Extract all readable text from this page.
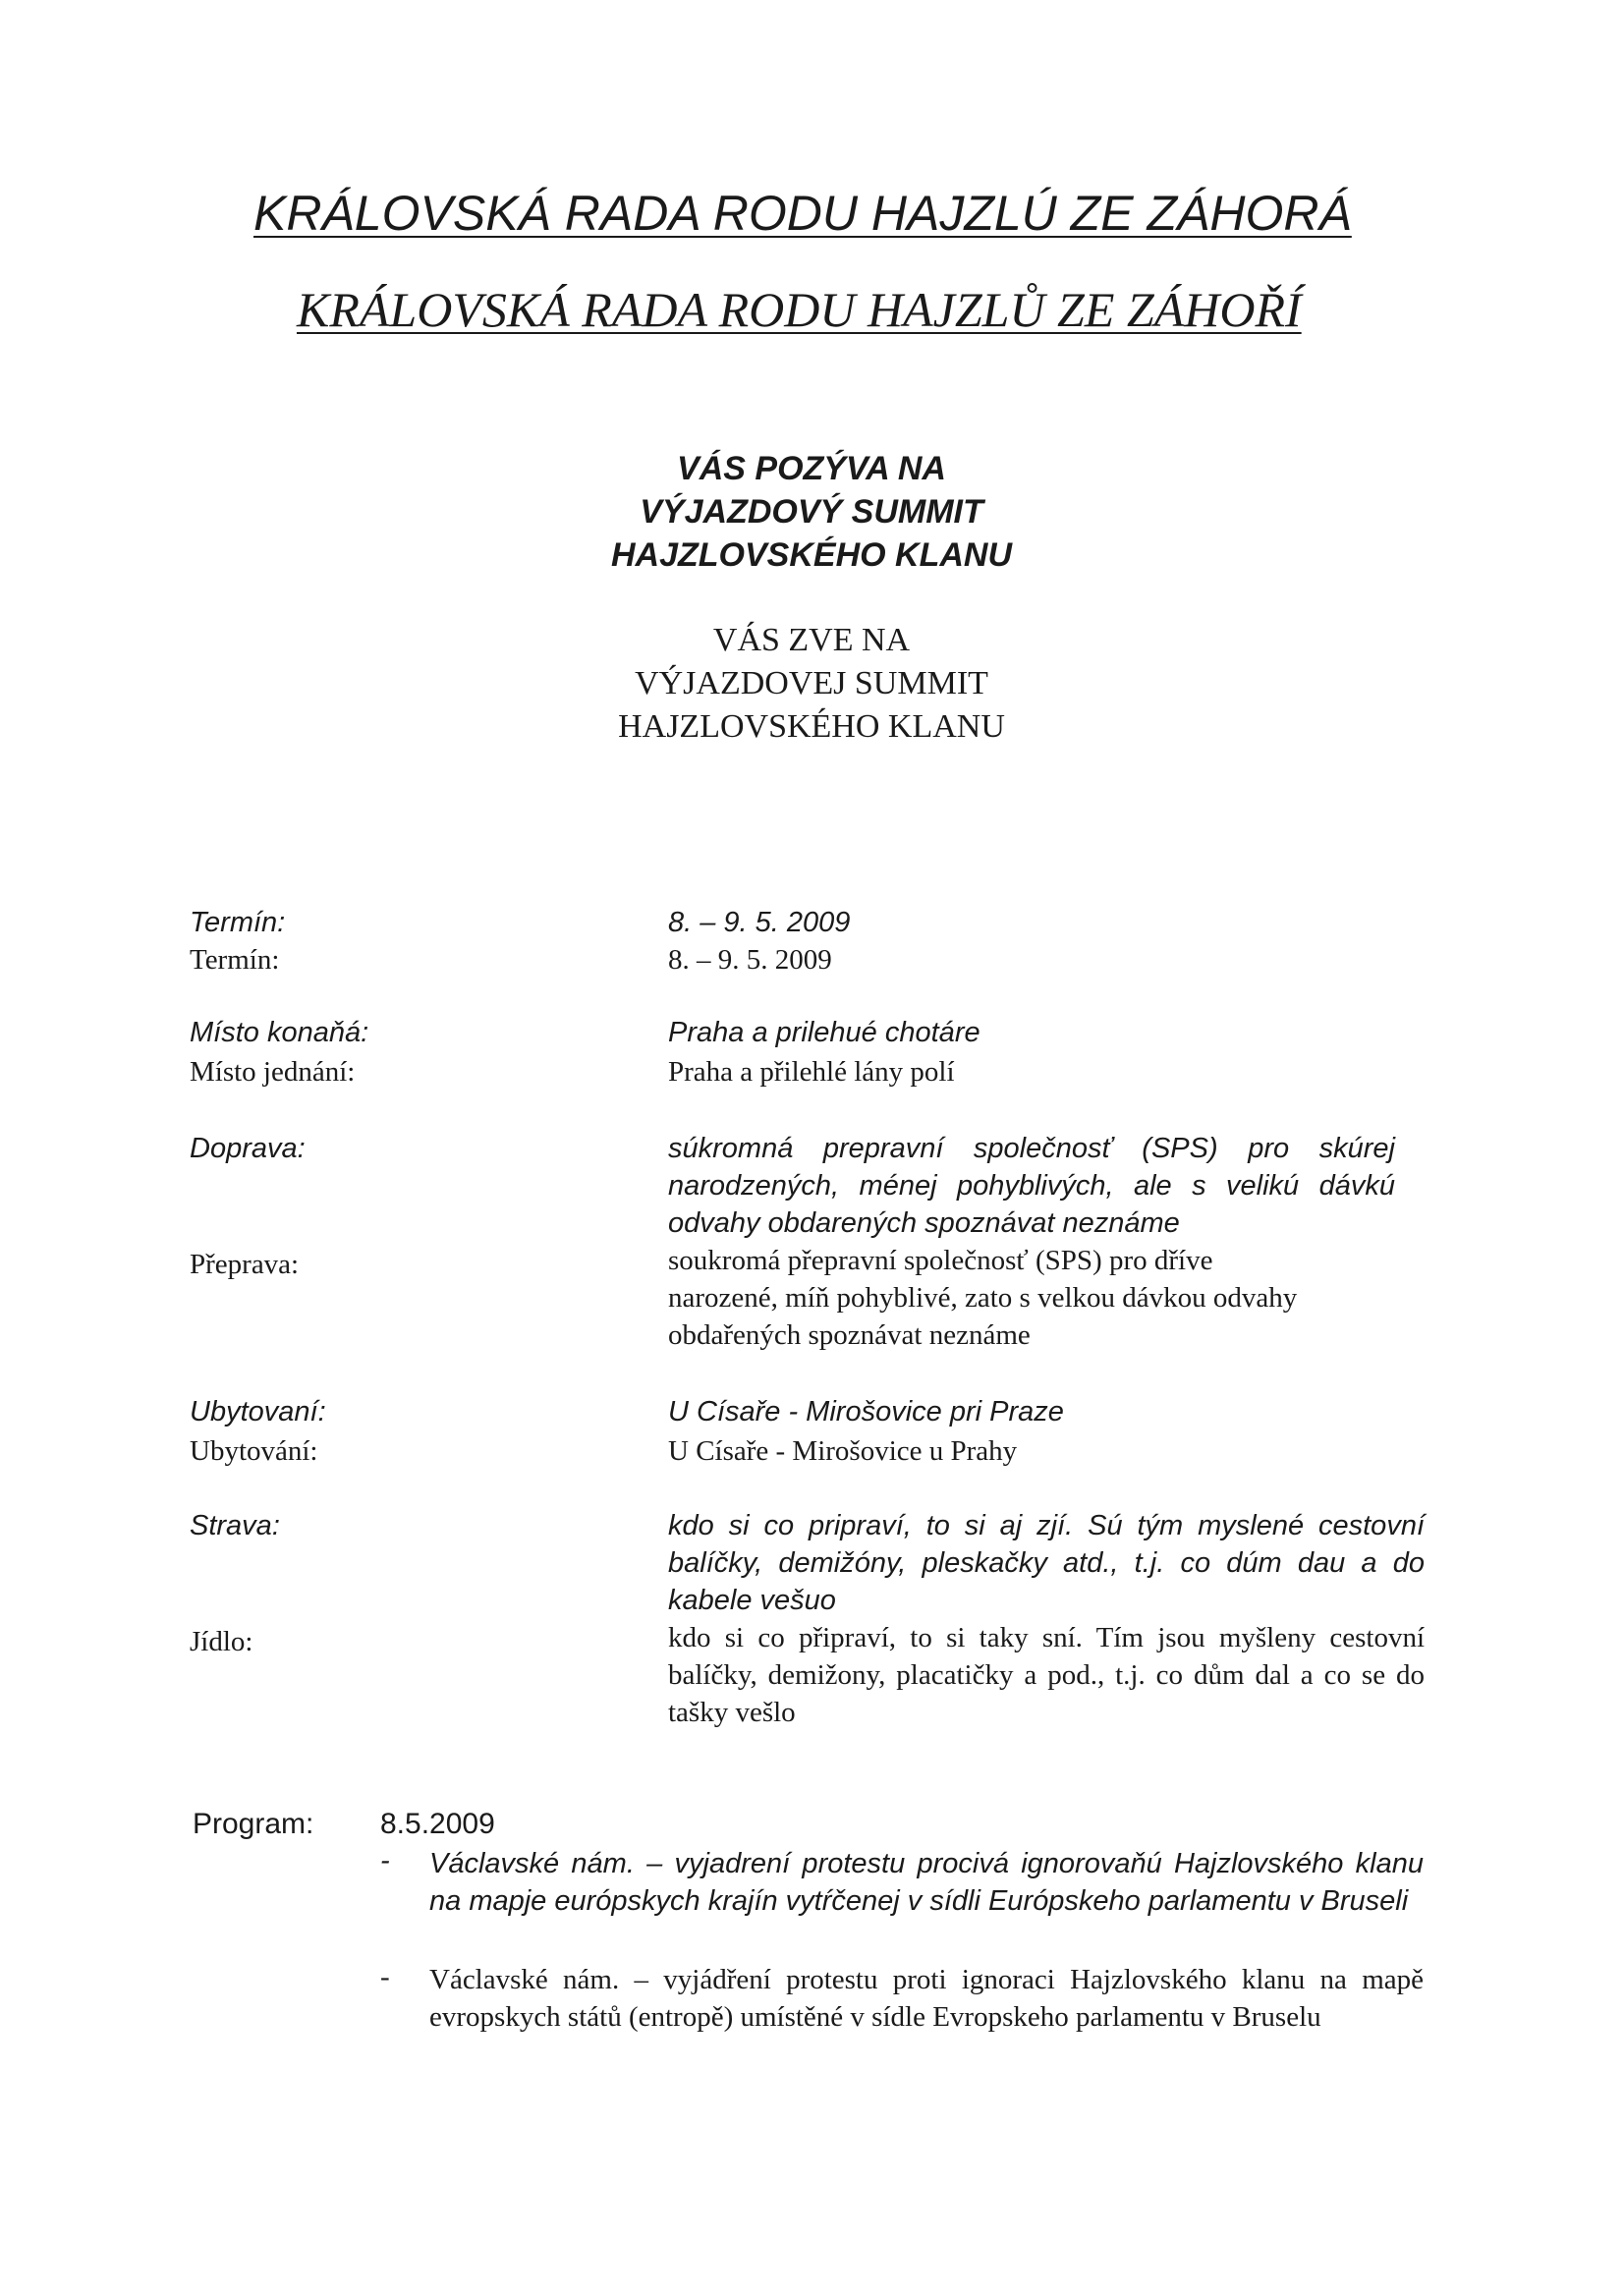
KRÁLOVSKÁ RADA RODU HAJZLÚ ZE ZÁHORÁ
KRÁLOVSKÁ RADA RODU HAJZLŮ ZE ZÁHOŘÍ
VÁS POZÝVA NA
VÝJAZDOVÝ SUMMIT
HAJZLOVSKÉHO KLANU
VÁS ZVE NA
VÝJAZDOVEJ SUMMIT
HAJZLOVSKÉHO KLANU
Termín:	8. – 9. 5. 2009
Termín:	8. – 9. 5. 2009
Místo konaňá:	Praha a prilehué chotáre
Místo jednání:	Praha a přilehlé lány polí
Doprava:	súkromná prepravní společnosť (SPS) pro skúrej narodzených, ménej pohyblivých, ale s velikú dávkú odvahy obdarených spoznávat neznáme
Přeprava:	soukromá přepravní společnosť (SPS) pro dříve narozené, míň pohyblivé, zato s velkou dávkou odvahy obdařených spoznávat neznáme
Ubytovaní:	U Císaře - Mirošovice pri Praze
Ubytování:	U Císaře - Mirošovice u Prahy
Strava:	kdo si co pripraví, to si aj zjí. Sú tým myslené cestovní balíčky, demižóny, pleskačky atd., t.j. co dúm dau a do kabele vešuo
Jídlo:	kdo si co připraví, to si taky sní. Tím jsou myšleny cestovní balíčky, demižony, placatičky a pod., t.j. co dům dal a co se do tašky vešlo
Program: 8.5.2009
- Václavské nám. – vyjadrení protestu procivá ignorovaňú Hajzlovského klanu na mapje európskych krajín vytŕčenej v sídli Európskeho parlamentu v Bruseli
- Václavské nám. – vyjádření protestu proti ignoraci Hajzlovského klanu na mapě evropskych států (entropě) umístěné v sídle Evropskeho parlamentu v Bruselu
